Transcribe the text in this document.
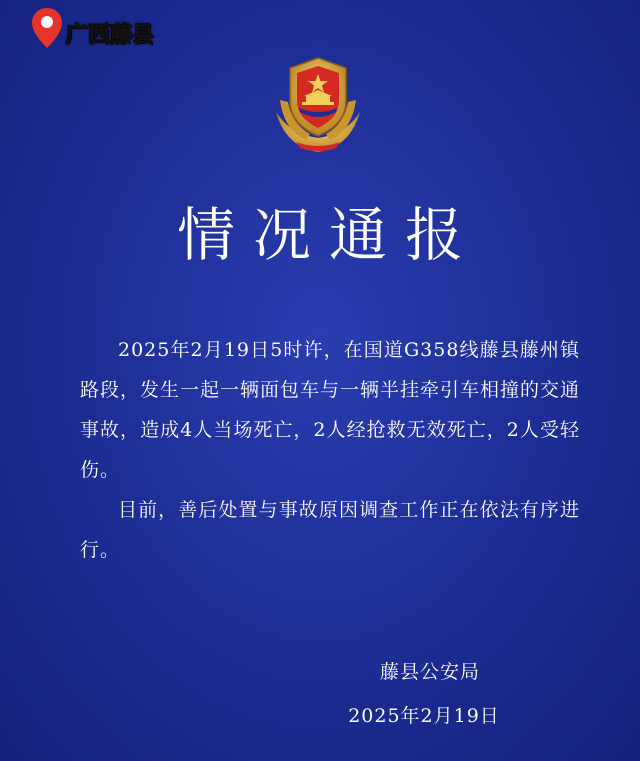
广西藤县
情况通报

2025年2月19日5时许，在国道G358线藤县藤州镇路段，发生一起一辆面包车与一辆半挂牵引车相撞的交通事故，造成4人当场死亡，2人经抢救无效死亡，2人受轻伤。

目前，善后处置与事故原因调查工作正在依法有序进行。

藤县公安局
2025年2月19日
